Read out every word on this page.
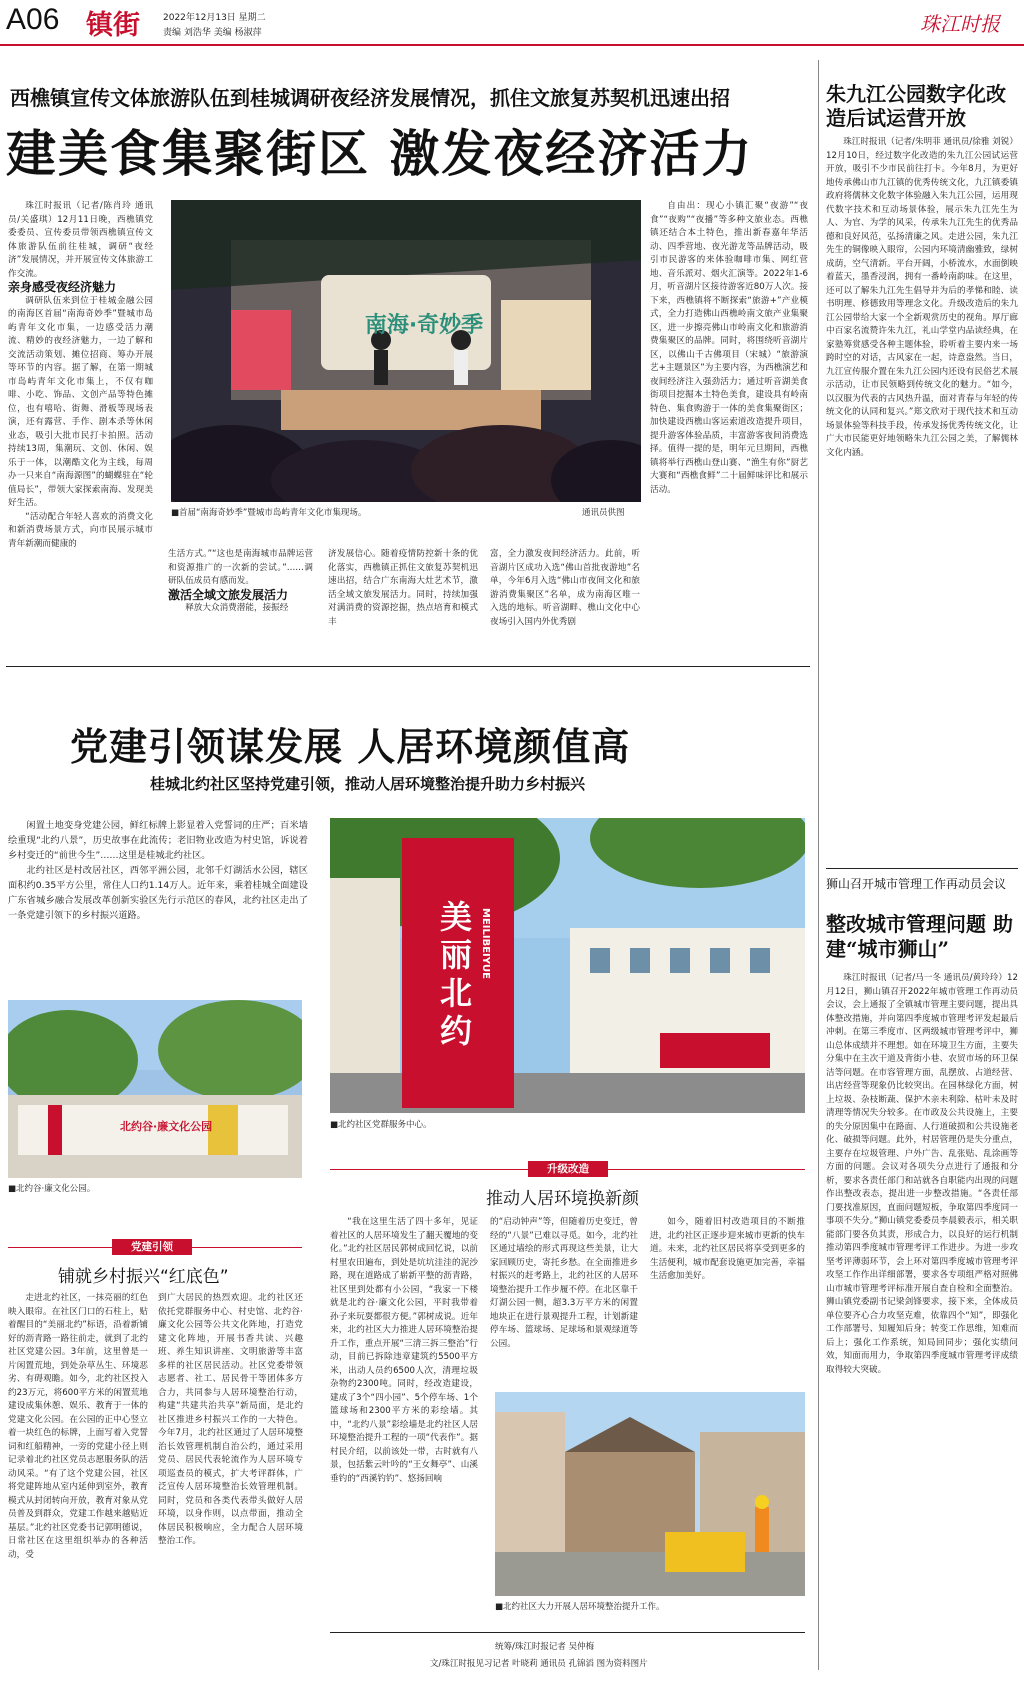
A06 镇街	2022年12月13日 星期二
责编 刘浩华 美编 杨淑萍	珠江时报
西樵镇宣传文体旅游队伍到桂城调研夜经济发展情况，抓住文旅复苏契机迅速出招
建美食集聚街区 激发夜经济活力

珠江时报讯（记者/陈肖玲 通讯员/关盛琪）12月11日晚，西樵镇党委委员、宣传委员带领西樵镇宣传文体旅游队伍前往桂城，调研“夜经济”发展情况，并开展宣传文体旅游工作交流。

亲身感受夜经济魅力

调研队伍来到位于桂城金融公园的南海区首届“南海奇妙季”暨城市岛屿青年文化市集，一边感受活力潮流、精妙的夜经济魅力，一边了解和交流活动策划、摊位招商、筹办开展等环节的内容。据了解，在第一期城市岛屿青年文化市集上，不仅有咖啡、小吃、饰品、文创产品等特色摊位，也有嘻哈、街舞、滑板等现场表演，还有露营、手作、剧本杀等休闲业态，吸引大批市民打卡拍照。活动持续13周，集潮玩、文创、休闲、娱乐于一体，以潮酷文化为主线，每周办一只来自“南海源图”的蝴蝶驻在“轮值局长”，带领大家探索南海、发现美好生活。

“活动配合年轻人喜欢的消费文化和新消费场景方式，向市民展示城市青年新潮而健康的

南海·奇妙季
■首届“南海奇妙季”暨城市岛屿青年文化市集现场。	通讯员供图

自由出：现心小镇汇聚“夜游”“夜食”“夜购”“夜播”等多种文旅业态。西樵镇还结合本土特色，推出新春嘉年华活动、四季营地、夜光游龙等品牌活动，吸引市民游客的来体验咖啡市集、网红营地、音乐派对、烟火汇演等。2022年1-6月，听音湖片区接待游客近80万人次。接下来，西樵镇将不断探索“旅游+”产业模式，全力打造佛山西樵岭南文旅产业集聚区，进一步擦亮佛山市岭南文化和旅游消费集聚区的品牌。同时，将围绕听音湖片区，以佛山千古佛项目（宋城）“旅游演艺+主题景区”为主要内容，为西樵演艺和夜间经济注入强劲活力；通过听音湖美食街项目挖掘本土特色美食，建设具有岭南特色、集食购游于一体的美食集聚街区；加快建设西樵山客运索道改造提升项目，提升游客体验品质，丰富游客夜间消费选择。值得一提的是，明年元旦期间，西樵镇将举行西樵山登山赛、“渔生有你”厨艺大赛和“西樵食鲜”二十届鲜味评比和展示活动。

生活方式。”“这也是南海城市品牌运营和资源推广的一次新的尝试。”……调研队伍成员有感而发。

激活全域文旅发展活力

释放大众消费潜能，接振经

济发展信心。随着疫情防控新十条的优化落实，西樵镇正抓住文旅复苏契机迅速出招，结合广东南海大灶艺术节，激活全域文旅发展活力。同时，持续加强对满消费的资源挖掘，热点培育和模式丰

富，全力激发夜间经济活力。此前，听音湖片区成功入选“佛山首批夜游地”名单，今年6月入选“佛山市夜间文化和旅游消费集聚区”名单，成为南海区唯一入选的地标。听音湖畔、樵山文化中心夜场引入国内外优秀剧

朱九江公园数字化改造后试运营开放

珠江时报讯（记者/朱明菲 通讯员/徐雅 刘锐）12月10日，经过数字化改造的朱九江公园试运营开放，吸引不少市民前往打卡。今年8月，为更好地传承佛山市九江镇的优秀传统文化，九江镇委镇政府将儒林文化数字体验融入朱九江公园，运用现代数字技术和互动场景体验，展示朱九江先生为人、为官、为学的风采，传承朱九江先生的优秀品德和良好风范，弘扬清廉之风。走进公园，朱九江先生的铜像映入眼帘，公园内环境清幽雅致，绿树成荫，空气清新。平台开阔，小桥流水，水面倒映着蓝天，墨香浸润，拥有一番岭南韵味。在这里，还可以了解朱九江先生倡导并为后的孝悌和睦、读书明理、修德致用等理念文化。升级改造后的朱九江公园带给大家一个全新观赏历史的视角。厚厅廊中百家名流赞许朱九江，礼山学堂内品读经典，在家塾筹赏感受各种主题体验，聆听着主要内来一场跨时空的对话，古风家在一起，诗意盎然。当日，九江宣传服介置在朱九江公园内还设有民俗艺术展示活动，让市民领略到传统文化的魅力。“如今，以汉服为代表的古风热升温，面对青春与年轻的传统文化的认同和复兴。”郑文欣对于现代技术和互动场景体验等科技手段，传承发扬优秀传统文化，让广大市民能更好地领略朱九江公园之美，了解儒林文化内涵。

狮山召开城市管理工作再动员会议
整改城市管理问题 助建“城市狮山”

珠江时报讯（记者/马一冬 通讯员/黄玲玲）12月12日，狮山镇召开2022年城市管理工作再动员会议，会上通报了全镇城市管理主要问题，提出具体整改措施，并向第四季度城市管理考评发起最后冲刺。在第三季度市、区两级城市管理考评中，狮山总体成绩并不理想。如在环境卫生方面，主要失分集中在主次干道及背街小巷、农贸市场的环卫保洁等问题。在市容管理方面，乱摆放、占道经营、出店经营等现象仍比较突出。在园林绿化方面，树上垃圾、杂枝断蔬、保护木亲未利除、枯叶未及时清理等情况失分较多。在市政及公共设施上，主要的失分原因集中在路面、人行道破损和公共设施老化、破损等问题。此外，村居管理仍是失分重点，主要存在垃圾管理、户外广告、乱张贴、乱涂画等方面的问题。会议对各项失分点进行了通报和分析，要求各责任部门和站就各自职能内出现的问题作出整改表态，提出进一步整改措施。“各责任部门要找准原因，直面问题短板，争取第四季度同一事项不失分。”狮山镇党委委员李晨毅表示，相关职能部门要各负其责，形成合力，以良好的运行机制推动第四季度城市管理考评工作进步。为进一步攻坚考评薄弱环节，会上环对第四季度城市管理考评攻坚工作作出详细部署，要求各专项组严格对照佛山市城市管理考评标准开展自查自检和全面整治。狮山镇党委副书记梁剑锋要求，接下来，全体成员单位要齐心合力攻坚克难，依靠四个“知”，即强化工作部署号、知履知后身；转变工作思维，知难而后上；强化工作系统，知局回同步；强化实绩问效，知面而用力，争取第四季度城市管理考评成绩取得较大突破。

党建引领谋发展 人居环境颜值高
桂城北约社区坚持党建引领，推动人居环境整治提升助力乡村振兴

闲置土地变身党建公园，鲜红标牌上影显着入党誓词的庄严；百米墙绘重现“北约八景”，历史故事在此流传；老旧物业改造为村史馆，诉说着乡村变迁的“前世今生”……这里是桂城北约社区。

北约社区是村改居社区，西邻平洲公园，北邻千灯湖活水公园，辖区面积约0.35平方公里，常住人口约1.14万人。近年来，乘着桂城全面建设广东省城乡融合发展改革创新实验区先行示范区的春风，北约社区走出了一条党建引领下的乡村振兴道路。

北约谷·廉文化公园
■北约谷·廉文化公园。
美丽北约
MEILIBEIYUE
■北约社区党群服务中心。
党建引领
铺就乡村振兴“红底色”

走进北约社区，一抹亮丽的红色映入眼帘。在社区门口的石柱上，贴着醒目的“美丽北约”标语，沿着新铺好的沥青路一路往前走，就到了北约社区党建公园。3年前，这里曾是一片闲置荒地，到处杂草丛生、环境恶劣、有碍观瞻。如今，北约社区投入约23万元，将600平方米的闲置荒地建设成集休憩、娱乐、教育于一体的党建文化公园。在公园的正中心竖立着一块红色的标牌，上面写着入党誓词和红船精神，一旁的党建小径上则记录着北约社区党员志愿服务队的活动风采。“有了这个党建公园，社区将党建阵地从室内延伸到室外，教育模式从封闭转向开放，教育对象从党员普及到群众，党建工作越来越贴近基层。”北约社区党委书记郭明德说，日常社区在这里组织举办的各种活动，受

到广大居民的热烈欢迎。北约社区还依托党群服务中心、村史馆、北约谷·廉文化公园等公共文化阵地，打造党建文化阵地，开展书香共读、兴趣班、养生知识讲座、文明旅游等丰富多样的社区居民活动。社区党委带领志愿者、社工、居民骨干等团体多方合力，共同参与人居环境整治行动，构建“共建共治共享”新局面，是北约社区推进乡村振兴工作的一大特色。今年7月，北约社区通过了人居环境整治长效管理机制自治公约，通过采用党员、居民代表轮流作为人居环境专项巡查员的模式，扩大考评群体，广泛宣传人居环境整治长效管理机制。同时，党员和各类代表带头做好人居环境，以身作则，以点带面，推动全体居民积极响应，全力配合人居环境整治工作。

升级改造
推动人居环境换新颜

“我在这里生活了四十多年，见证着社区的人居环境发生了翻天覆地的变化。”北约社区居民郭树成回忆说，以前村里农田遍布，到处是坑坑洼洼的泥沙路，现在道路成了崭新平整的沥青路，社区里到处都有小公园，“我家一下楼就是北约谷·廉文化公园，平时我带着孙子来玩耍都很方便。”郭树成说。近年来，北约社区大力推进人居环境整治提升工作，重点开展“三清三拆三整治”行动，目前已拆除违章建筑约5500平方米，出动人员约6500人次，清理垃圾杂物约2300吨。同时，经改造建设，建成了3个“四小园”、5个停车场、1个篮球场和2300平方米的彩绘墙。其中，“北约八景”彩绘墙是北约社区人居环境整治提升工程的一项“代表作”。据村民介绍，以前该处一带，古时就有八景，包括紫云叶吟的“王女舞亭”、山溪垂钓的“西溪钓钓”、悠扬回响

的“启动钟声”等，但随着历史变迁，曾经的“八景”已难以寻觅。如今，北约社区通过墙绘的形式再现这些美景，让大家回顾历史，寄托乡愁。在全面推进乡村振兴的赶考路上，北约社区的人居环境整治提升工作步履不停。在北区靠千灯湖公园一侧，超3.3万平方米的闲置地块正在进行景观提升工程，计划新建停车场、篮球场、足球场和景观绿道等公园。

如今，随着旧村改造项目的不断推进，北约社区正逐步迎来城市更新的快车道。未来，北约社区居民将享受到更多的生活便利，城市配套设施更加完善，幸福生活愈加美好。

■北约社区大力开展人居环境整治提升工作。
统筹/珠江时报记者 吴仲梅
文/珠江时报见习记者 叶晓莉 通讯员 孔锦滔 图为资料图片
